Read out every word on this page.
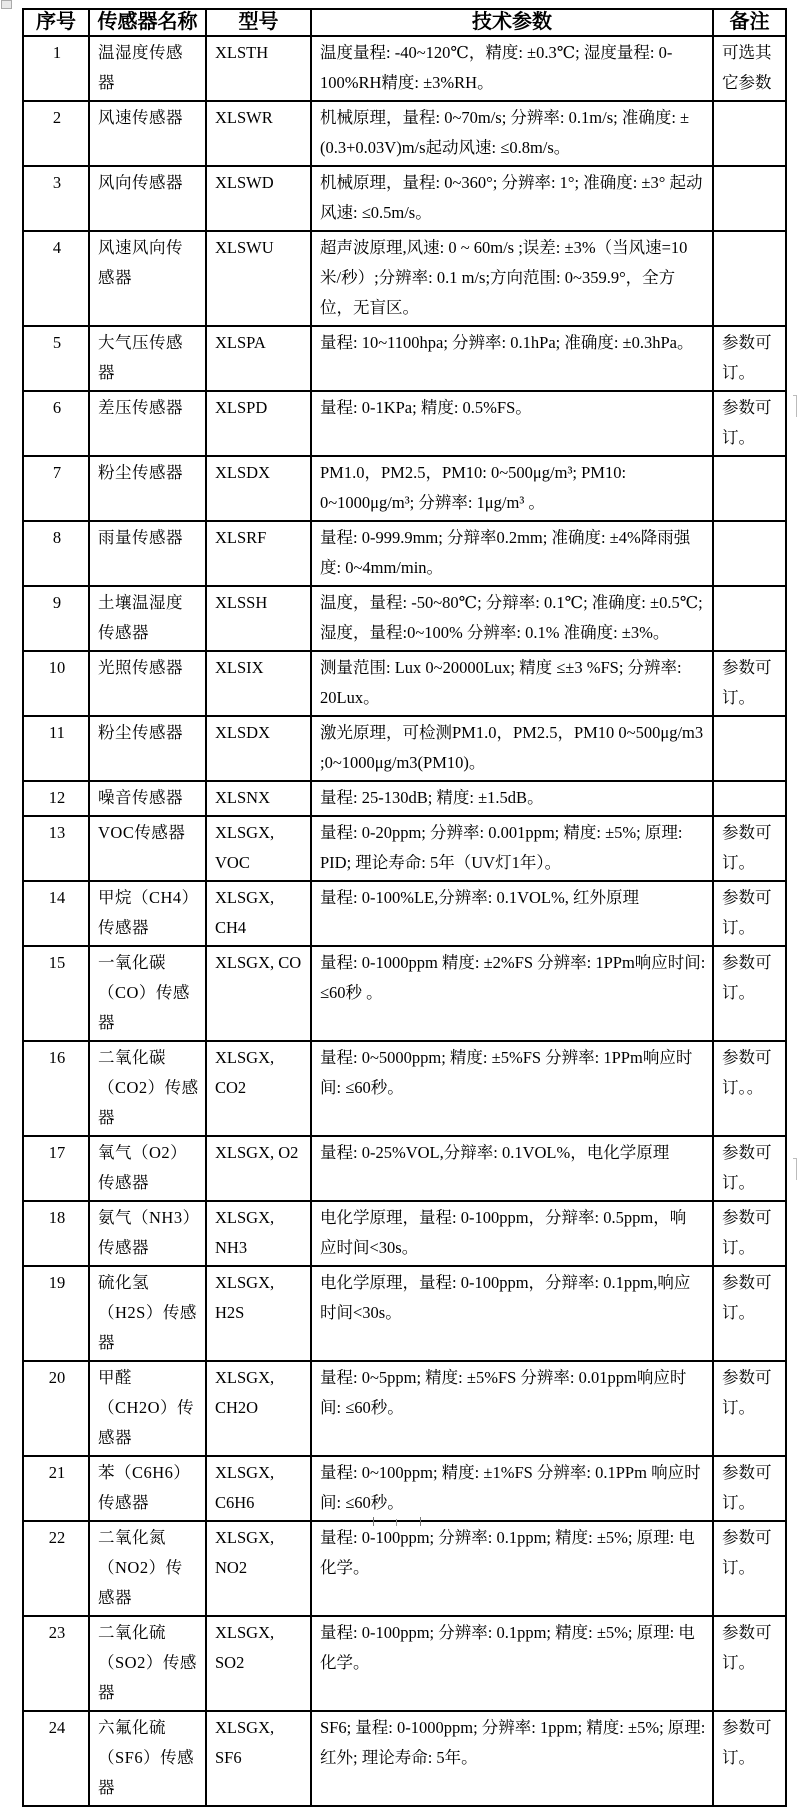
序号	传感器名称	型号	技术参数	备注
1	温湿度传感器	XLSTH	温度量程: -40~120℃，精度: ±0.3℃; 湿度量程: 0-100%RH精度: ±3%RH。	可选其它参数
2	风速传感器	XLSWR	机械原理，量程: 0~70m/s; 分辨率: 0.1m/s; 准确度: ±(0.3+0.03V)m/s起动风速: ≤0.8m/s。	
3	风向传感器	XLSWD	机械原理，量程: 0~360°; 分辨率: 1°; 准确度: ±3° 起动风速: ≤0.5m/s。	
4	风速风向传感器	XLSWU	超声波原理,风速: 0 ~ 60m/s ;误差: ±3%（当风速=10米/秒）;分辨率: 0.1 m/s;方向范围: 0~359.9°，全方位，无盲区。	
5	大气压传感器	XLSPA	量程: 10~1100hpa; 分辨率: 0.1hPa; 准确度: ±0.3hPa。	参数可订。
6	差压传感器	XLSPD	量程: 0-1KPa; 精度: 0.5%FS。	参数可订。
7	粉尘传感器	XLSDX	PM1.0，PM2.5，PM10: 0~500μg/m³; PM10: 0~1000μg/m³; 分辨率: 1μg/m³ 。	
8	雨量传感器	XLSRF	量程: 0-999.9mm; 分辩率0.2mm; 准确度: ±4%降雨强度: 0~4mm/min。	
9	土壤温湿度传感器	XLSSH	温度，量程: -50~80℃; 分辩率: 0.1℃; 准确度: ±0.5℃; 湿度，量程:0~100% 分辨率: 0.1% 准确度: ±3%。	
10	光照传感器	XLSIX	测量范围: Lux 0~20000Lux; 精度 ≤±3 %FS; 分辨率: 20Lux。	参数可订。
11	粉尘传感器	XLSDX	激光原理，可检测PM1.0，PM2.5，PM10 0~500μg/m3 ;0~1000μg/m3(PM10)。	
12	噪音传感器	XLSNX	量程: 25-130dB; 精度: ±1.5dB。	
13	VOC传感器	XLSGX, VOC	量程: 0-20ppm; 分辨率: 0.001ppm; 精度: ±5%; 原理: PID; 理论寿命: 5年（UV灯1年）。	参数可订。
14	甲烷（CH4）传感器	XLSGX, CH4	量程: 0-100%LE,分辨率: 0.1VOL%, 红外原理	参数可订。
15	一氧化碳（CO）传感器	XLSGX, CO	量程: 0-1000ppm 精度: ±2%FS 分辨率: 1PPm响应时间: ≤60秒 。	参数可订。
16	二氧化碳（CO2）传感器	XLSGX, CO2	量程: 0~5000ppm; 精度: ±5%FS 分辨率: 1PPm响应时间: ≤60秒。	参数可订。。
17	氧气（O2）传感器	XLSGX, O2	量程: 0-25%VOL,分辩率: 0.1VOL%，电化学原理	参数可订。
18	氨气（NH3）传感器	XLSGX, NH3	电化学原理，量程: 0-100ppm，分辩率: 0.5ppm，响 应时间<30s。	参数可订。
19	硫化氢（H2S）传感器	XLSGX, H2S	电化学原理，量程: 0-100ppm，分辩率: 0.1ppm,响应时间<30s。	参数可订。
20	甲醛（CH2O）传感器	XLSGX, CH2O	量程: 0~5ppm; 精度: ±5%FS 分辨率: 0.01ppm响应时间: ≤60秒。	参数可订。
21	苯（C6H6）传感器	XLSGX, C6H6	量程: 0~100ppm; 精度: ±1%FS 分辨率: 0.1PPm 响应时间: ≤60秒。	参数可订。
22	二氧化氮（NO2）传感器	XLSGX, NO2	量程: 0-100ppm; 分辨率: 0.1ppm; 精度: ±5%; 原理: 电化学。	参数可订。
23	二氧化硫（SO2）传感器	XLSGX, SO2	量程: 0-100ppm; 分辨率: 0.1ppm; 精度: ±5%; 原理: 电化学。	参数可订。
24	六氟化硫（SF6）传感器	XLSGX, SF6	SF6; 量程: 0-1000ppm; 分辨率: 1ppm; 精度: ±5%; 原理: 红外; 理论寿命: 5年。	参数可订。
